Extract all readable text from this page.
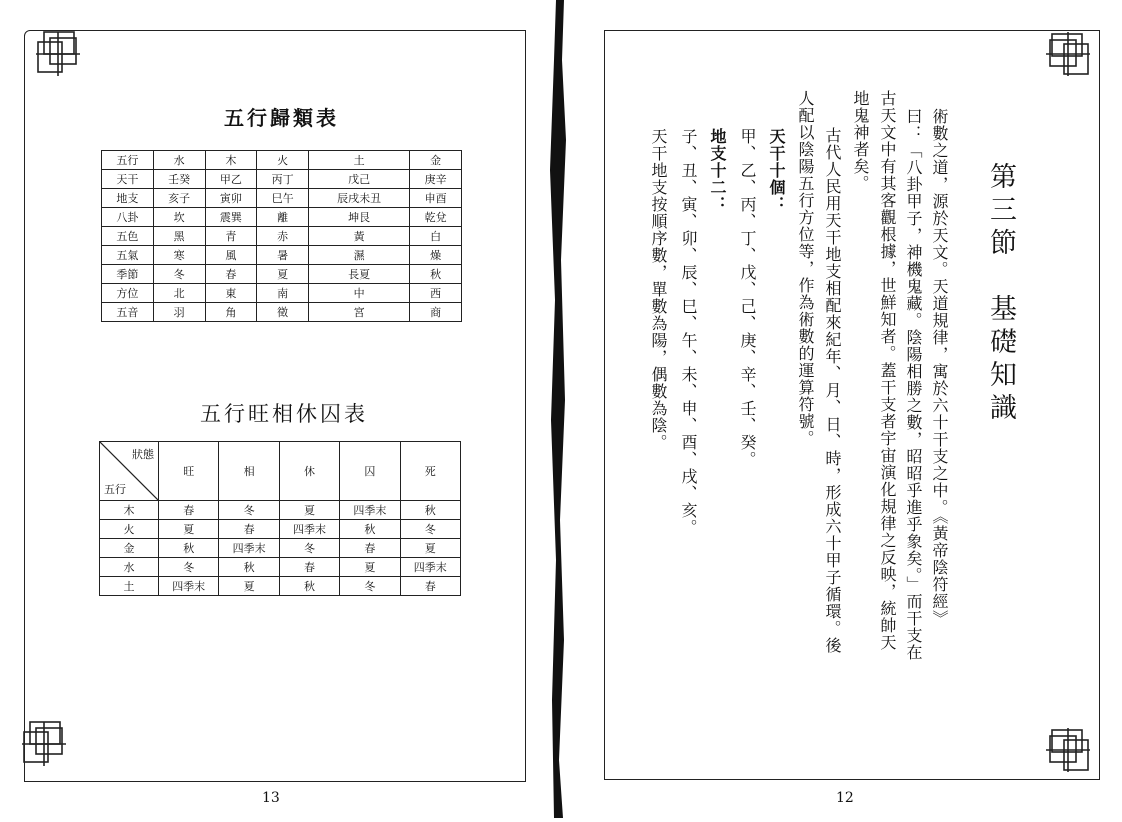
五行歸類表
五行	水	木	火	土	金
天干	壬癸	甲乙	丙丁	戊己	庚辛
地支	亥子	寅卯	巳午	辰戌未丑	申酉
八卦	坎	震巽	離	坤艮	乾兌
五色	黑	青	赤	黃	白
五氣	寒	風	暑	濕	燥
季節	冬	春	夏	長夏	秋
方位	北	東	南	中	西
五音	羽	角	徵	宮	商
五行旺相休囚表
狀態
五行	旺	相	休	囚	死
木	春	冬	夏	四季末	秋
火	夏	春	四季末	秋	冬
金	秋	四季末	冬	春	夏
水	冬	秋	春	夏	四季末
土	四季末	夏	秋	冬	春
13
第三節　基礎知識
術數之道，源於天文。天道規律，寓於六十干支之中。《黃帝陰符經》
曰：「八卦甲子，神機鬼藏。陰陽相勝之數，昭昭乎進乎象矣。」而干支在
古天文中有其客觀根據，世鮮知者。蓋干支者宇宙演化規律之反映，統帥天
地鬼神者矣。
　古代人民用天干地支相配來紀年、月、日、時，形成六十甲子循環。後
人配以陰陽五行方位等，作為術數的運算符號。
天干十個：
甲、乙、丙、丁、戊、己、庚、辛、壬、癸。
地支十二：
子、丑、寅、卯、辰、巳、午、未、申、酉、戌、亥。
天干地支按順序數，單數為陽，偶數為陰。
12
